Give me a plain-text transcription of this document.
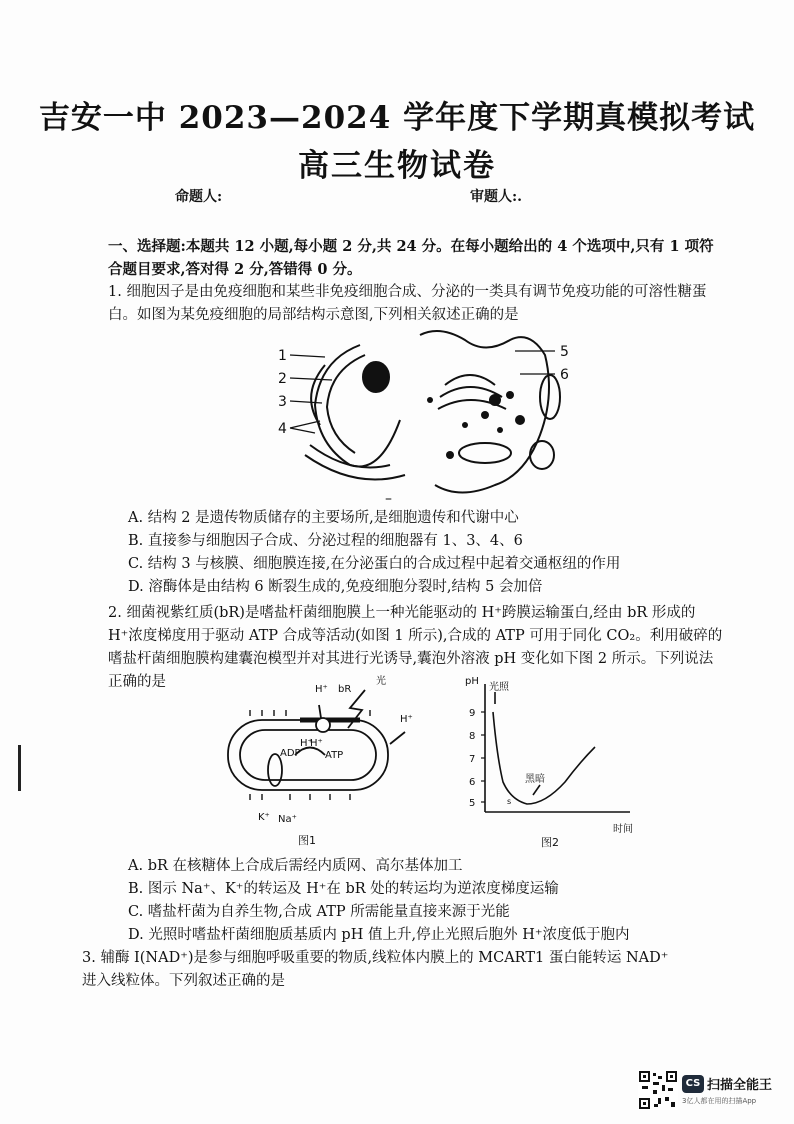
吉安一中 2023—2024 学年度下学期真模拟考试
高三生物试卷
命题人:	审题人:.
一、选择题:本题共 12 小题,每小题 2 分,共 24 分。在每小题给出的 4 个选项中,只有 1 项符
合题目要求,答对得 2 分,答错得 0 分。
1. 细胞因子是由免疫细胞和某些非免疫细胞合成、分泌的一类具有调节免疫功能的可溶性糖蛋
白。如图为某免疫细胞的局部结构示意图,下列相关叙述正确的是
1
2
3
4
5
6
–
A. 结构 2 是遗传物质储存的主要场所,是细胞遗传和代谢中心
B. 直接参与细胞因子合成、分泌过程的细胞器有 1、3、4、6
C. 结构 3 与核膜、细胞膜连接,在分泌蛋白的合成过程中起着交通枢纽的作用
D. 溶酶体是由结构 6 断裂生成的,免疫细胞分裂时,结构 5 会加倍
2. 细菌视紫红质(bR)是嗜盐杆菌细胞膜上一种光能驱动的 H⁺跨膜运输蛋白,经由 bR 形成的
H⁺浓度梯度用于驱动 ATP 合成等活动(如图 1 所示),合成的 ATP 可用于同化 CO₂。利用破碎的
嗜盐杆菌细胞膜构建囊泡模型并对其进行光诱导,囊泡外溶液 pH 变化如下图 2 所示。下列说法
正确的是	H⁺ bR
光
H⁺
H⁺
H⁺
ADP ATP
K⁺ Na⁺
图1
pH
9
8
7
6
5
光照
黑暗
s
时间
图2
A. bR 在核糖体上合成后需经内质网、高尔基体加工
B. 图示 Na⁺、K⁺的转运及 H⁺在 bR 处的转运均为逆浓度梯度运输
C. 嗜盐杆菌为自养生物,合成 ATP 所需能量直接来源于光能
D. 光照时嗜盐杆菌细胞质基质内 pH 值上升,停止光照后胞外 H⁺浓度低于胞内
3. 辅酶 I(NAD⁺)是参与细胞呼吸重要的物质,线粒体内膜上的 MCART1 蛋白能转运 NAD⁺
进入线粒体。下列叙述正确的是
CS 扫描全能王
3亿人都在用的扫描App
